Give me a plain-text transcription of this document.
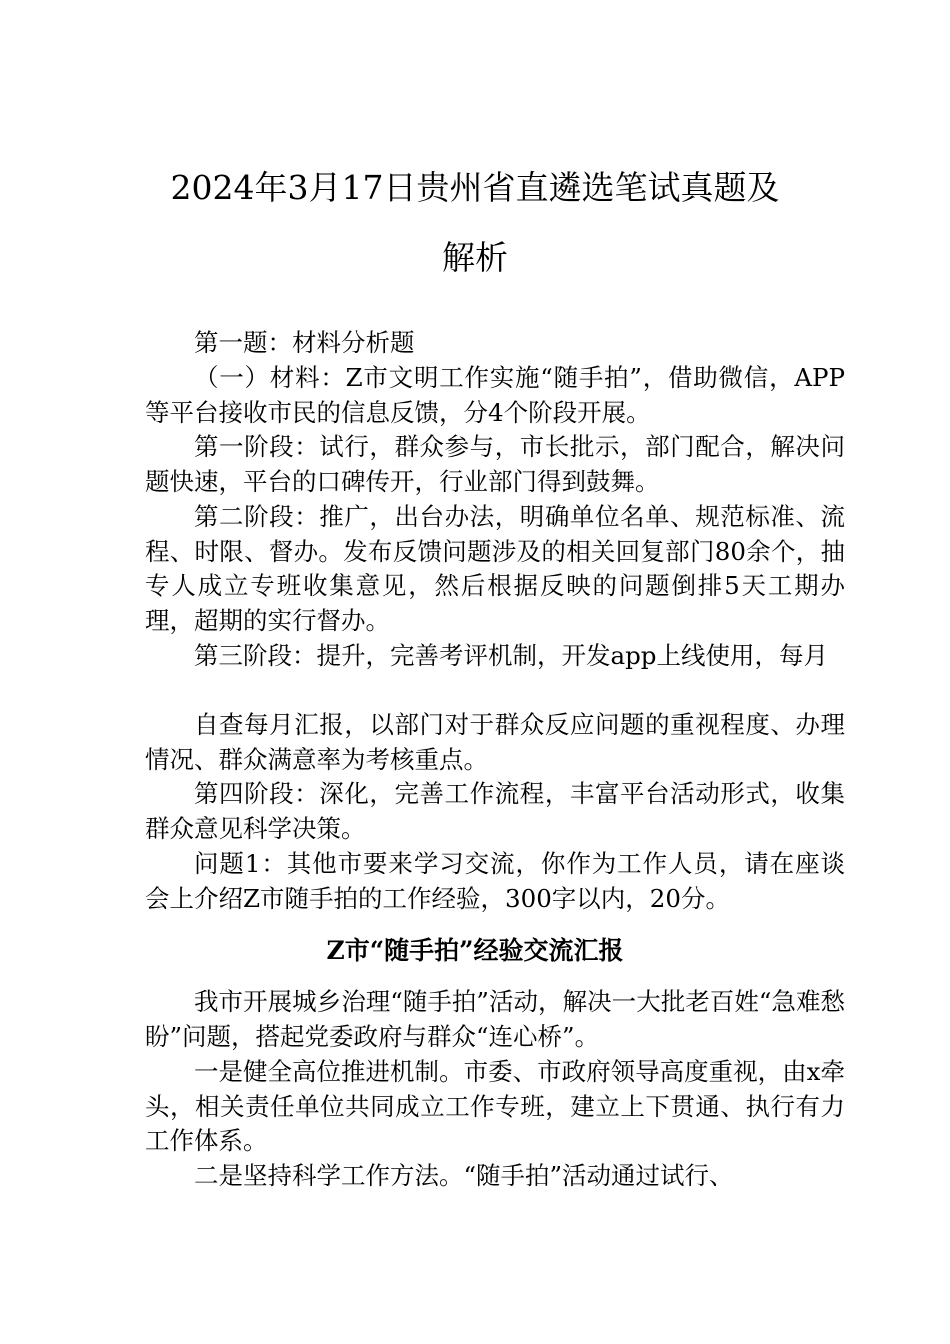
2024年3月17日贵州省直遴选笔试真题及
解析

第一题：材料分析题

（一）材料：Z市文明工作实施“随手拍”，借助微信，APP等平台接收市民的信息反馈，分4个阶段开展。

第一阶段：试行，群众参与，市长批示，部门配合，解决问题快速，平台的口碑传开，行业部门得到鼓舞。

第二阶段：推广，出台办法，明确单位名单、规范标准、流程、时限、督办。发布反馈问题涉及的相关回复部门80余个，抽专人成立专班收集意见，然后根据反映的问题倒排5天工期办理，超期的实行督办。

第三阶段：提升，完善考评机制，开发app上线使用，每月

自查每月汇报，以部门对于群众反应问题的重视程度、办理情况、群众满意率为考核重点。

第四阶段：深化，完善工作流程，丰富平台活动形式，收集群众意见科学决策。

问题1：其他市要来学习交流，你作为工作人员，请在座谈会上介绍Z市随手拍的工作经验，300字以内，20分。

Z市“随手拍”经验交流汇报

我市开展城乡治理“随手拍”活动，解决一大批老百姓“急难愁盼”问题，搭起党委政府与群众“连心桥”。

一是健全高位推进机制。市委、市政府领导高度重视，由x牵头，相关责任单位共同成立工作专班，建立上下贯通、执行有力工作体系。

二是坚持科学工作方法。“随手拍”活动通过试行、
